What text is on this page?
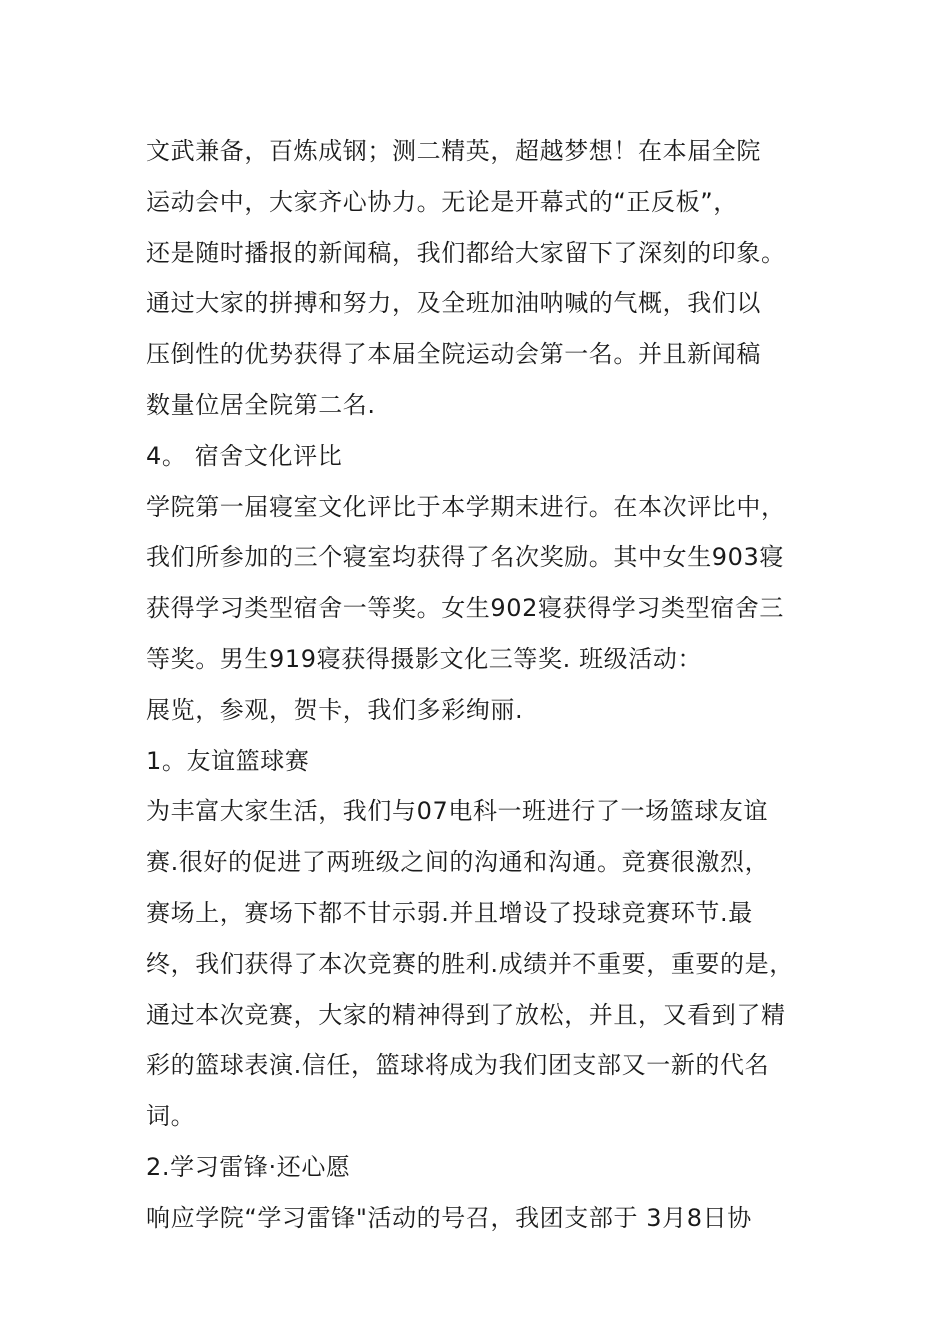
文武兼备，百炼成钢；测二精英，超越梦想！在本届全院
运动会中，大家齐心协力。无论是开幕式的“正反板”，
还是随时播报的新闻稿，我们都给大家留下了深刻的印象。
通过大家的拼搏和努力，及全班加油呐喊的气概，我们以
压倒性的优势获得了本届全院运动会第一名。并且新闻稿
数量位居全院第二名.
4。 宿舍文化评比
学院第一届寝室文化评比于本学期末进行。在本次评比中，
我们所参加的三个寝室均获得了名次奖励。其中女生903寝
获得学习类型宿舍一等奖。女生902寝获得学习类型宿舍三
等奖。男生919寝获得摄影文化三等奖. 班级活动：
展览，参观，贺卡，我们多彩绚丽.
1。友谊篮球赛
为丰富大家生活，我们与07电科一班进行了一场篮球友谊
赛.很好的促进了两班级之间的沟通和沟通。竞赛很激烈，
赛场上，赛场下都不甘示弱.并且增设了投球竞赛环节.最
终，我们获得了本次竞赛的胜利.成绩并不重要，重要的是，
通过本次竞赛，大家的精神得到了放松，并且，又看到了精
彩的篮球表演.信任，篮球将成为我们团支部又一新的代名
词。
2.学习雷锋·还心愿
响应学院“学习雷锋"活动的号召，我团支部于 3月8日协
